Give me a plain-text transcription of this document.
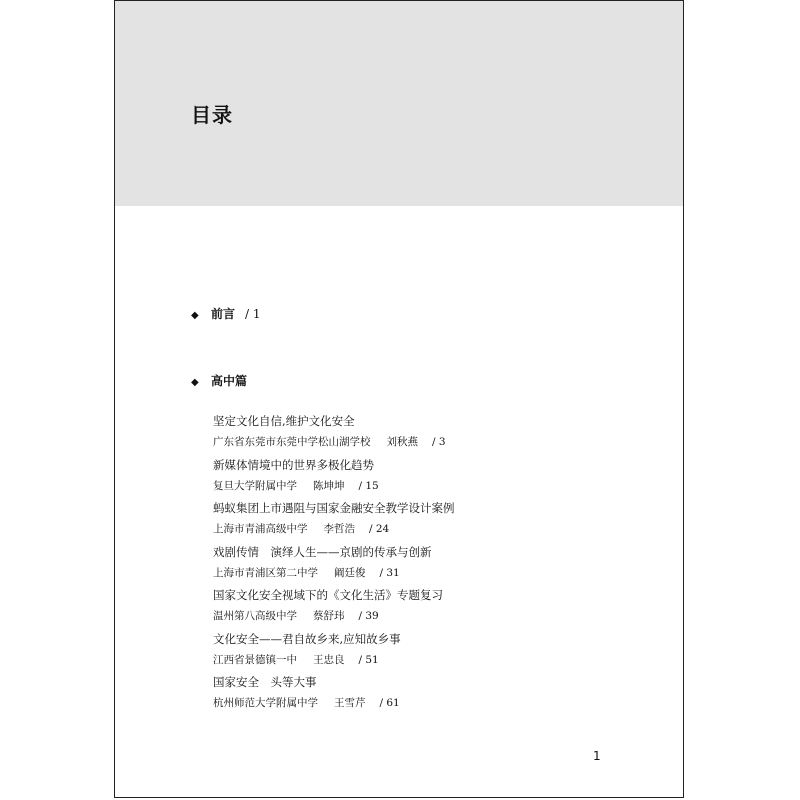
目录
◆ 前言 / 1
◆ 高中篇
坚定文化自信,维护文化安全
广东省东莞市东莞中学松山湖学校 刘秋燕 / 3
新媒体情境中的世界多极化趋势
复旦大学附属中学 陈坤坤 / 15
蚂蚁集团上市遇阻与国家金融安全教学设计案例
上海市青浦高级中学 李哲浩 / 24
戏剧传情　演绎人生——京剧的传承与创新
上海市青浦区第二中学 阚廷俊 / 31
国家文化安全视域下的《文化生活》专题复习
温州第八高级中学 蔡舒玮 / 39
文化安全——君自故乡来,应知故乡事
江西省景德镇一中 王忠良 / 51
国家安全　头等大事
杭州师范大学附属中学 王雪芹 / 61
1
